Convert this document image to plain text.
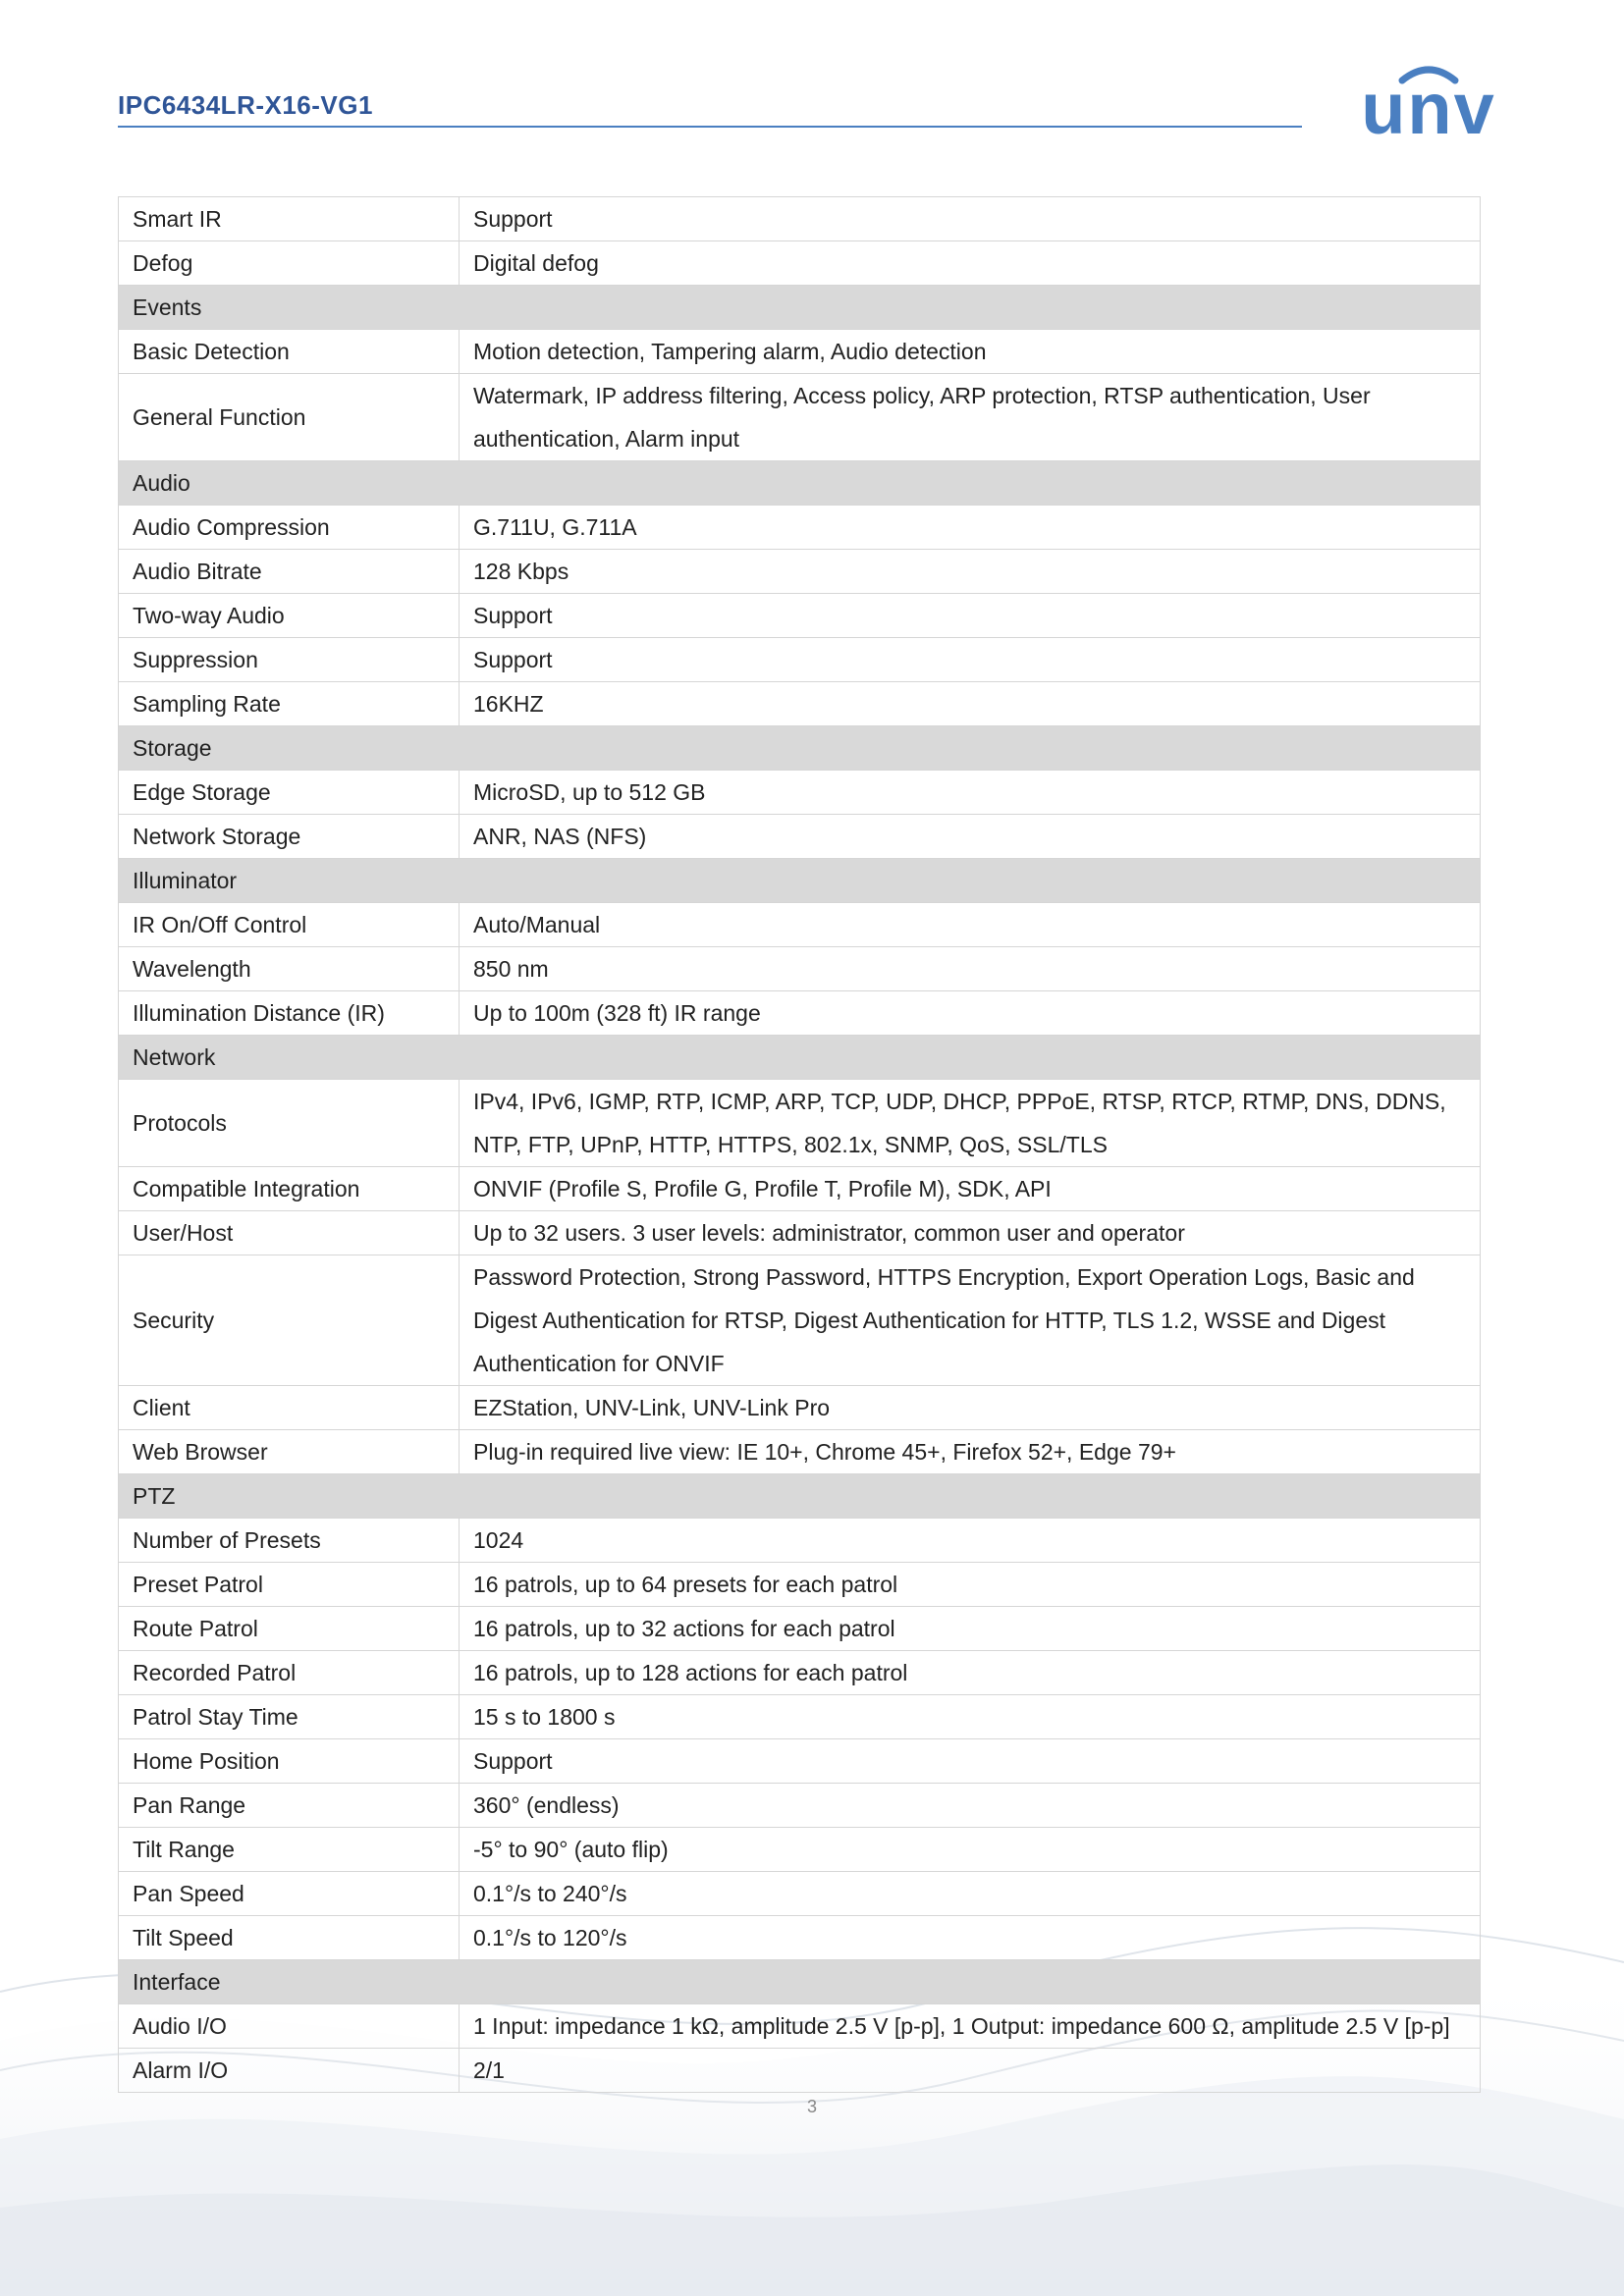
IPC6434LR-X16-VG1	unv
Smart IR	Support
Defog	Digital defog
Events	
Basic Detection	Motion detection, Tampering alarm, Audio detection
General Function	Watermark, IP address filtering, Access policy, ARP protection, RTSP authentication, User authentication, Alarm input
Audio	
Audio Compression	G.711U, G.711A
Audio Bitrate	128 Kbps
Two-way Audio	Support
Suppression	Support
Sampling Rate	16KHZ
Storage	
Edge Storage	MicroSD, up to 512 GB
Network Storage	ANR, NAS (NFS)
Illuminator	
IR On/Off Control	Auto/Manual
Wavelength	850 nm
Illumination Distance (IR)	Up to 100m (328 ft) IR range
Network	
Protocols	IPv4, IPv6, IGMP, RTP, ICMP, ARP, TCP, UDP, DHCP, PPPoE, RTSP, RTCP, RTMP, DNS, DDNS, NTP, FTP, UPnP, HTTP, HTTPS, 802.1x, SNMP, QoS, SSL/TLS
Compatible Integration	ONVIF (Profile S, Profile G, Profile T, Profile M), SDK, API
User/Host	Up to 32 users. 3 user levels: administrator, common user and operator
Security	Password Protection, Strong Password, HTTPS Encryption, Export Operation Logs, Basic and Digest Authentication for RTSP, Digest Authentication for HTTP, TLS 1.2, WSSE and Digest Authentication for ONVIF
Client	EZStation, UNV-Link, UNV-Link Pro
Web Browser	Plug-in required live view: IE 10+, Chrome 45+, Firefox 52+, Edge 79+
PTZ	
Number of Presets	1024
Preset Patrol	16 patrols, up to 64 presets for each patrol
Route Patrol	16 patrols, up to 32 actions for each patrol
Recorded Patrol	16 patrols, up to 128 actions for each patrol
Patrol Stay Time	15 s to 1800 s
Home Position	Support
Pan Range	360° (endless)
Tilt Range	-5° to 90° (auto flip)
Pan Speed	0.1°/s to 240°/s
Tilt Speed	0.1°/s to 120°/s
Interface	
Audio I/O	1 Input: impedance 1 kΩ, amplitude 2.5 V [p-p], 1 Output: impedance 600 Ω, amplitude 2.5 V [p-p]
Alarm I/O	2/1
3
